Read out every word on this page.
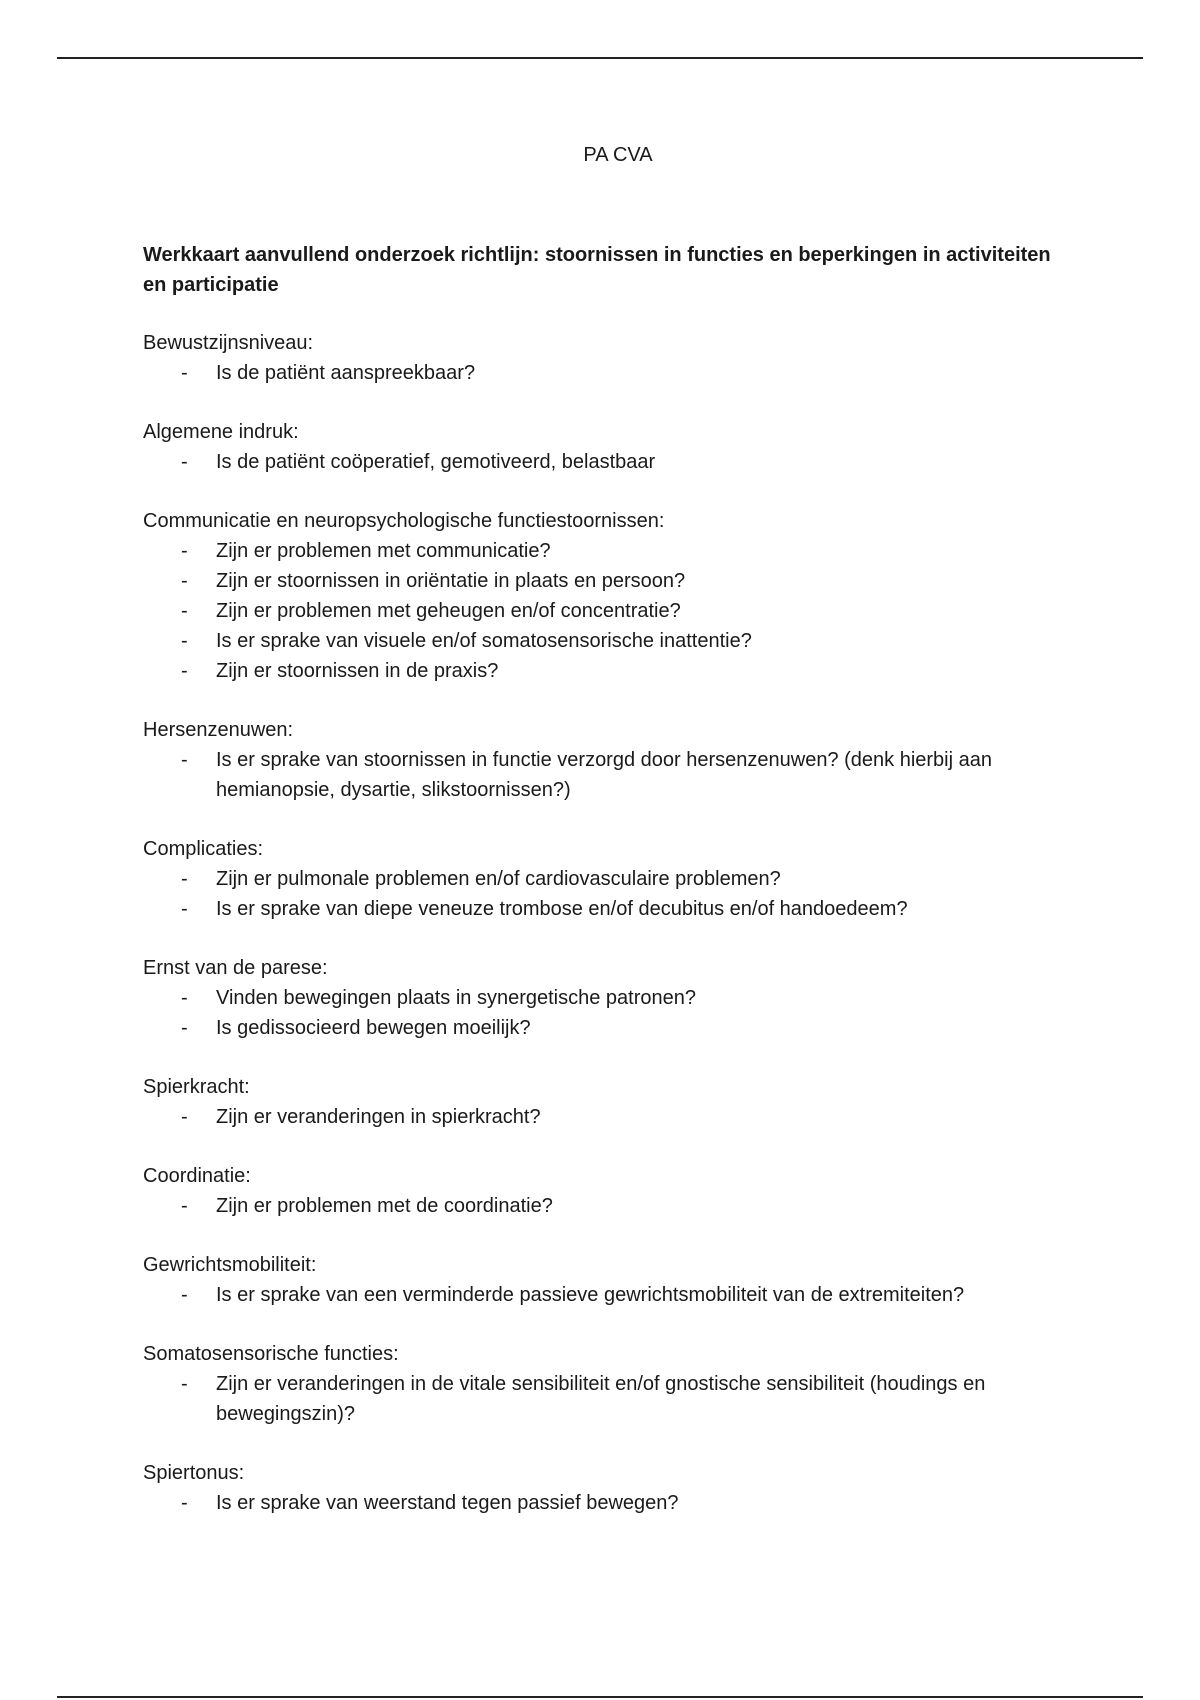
PA CVA
Werkkaart aanvullend onderzoek richtlijn: stoornissen in functies en beperkingen in activiteiten en participatie

Bewustzijnsniveau:

- Is de patiënt aanspreekbaar?

Algemene indruk:

- Is de patiënt coöperatief, gemotiveerd, belastbaar

Communicatie en neuropsychologische functiestoornissen:

- Zijn er problemen met communicatie?
- Zijn er stoornissen in oriëntatie in plaats en persoon?
- Zijn er problemen met geheugen en/of concentratie?
- Is er sprake van visuele en/of somatosensorische inattentie?
- Zijn er stoornissen in de praxis?

Hersenzenuwen:

- Is er sprake van stoornissen in functie verzorgd door hersenzenuwen? (denk hierbij aan hemianopsie, dysartie, slikstoornissen?)

Complicaties:

- Zijn er pulmonale problemen en/of cardiovasculaire problemen?
- Is er sprake van diepe veneuze trombose en/of decubitus en/of handoedeem?

Ernst van de parese:

- Vinden bewegingen plaats in synergetische patronen?
- Is gedissocieerd bewegen moeilijk?

Spierkracht:

- Zijn er veranderingen in spierkracht?

Coordinatie:

- Zijn er problemen met de coordinatie?

Gewrichtsmobiliteit:

- Is er sprake van een verminderde passieve gewrichtsmobiliteit van de extremiteiten?

Somatosensorische functies:

- Zijn er veranderingen in de vitale sensibiliteit en/of gnostische sensibiliteit (houdings en bewegingszin)?

Spiertonus:

- Is er sprake van weerstand tegen passief bewegen?
